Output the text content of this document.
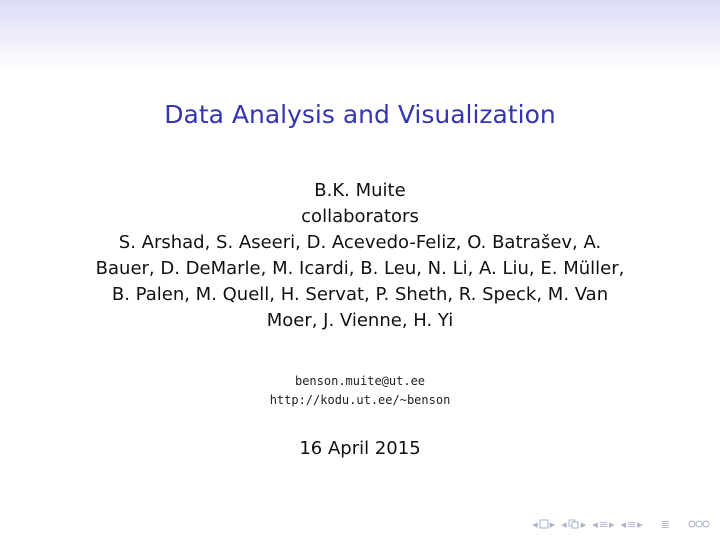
Data Analysis and Visualization
B.K. Muite
collaborators
S. Arshad, S. Aseeri, D. Acevedo-Feliz, O. Batrašev, A.
Bauer, D. DeMarle, M. Icardi, B. Leu, N. Li, A. Liu, E. Müller,
B. Palen, M. Quell, H. Servat, P. Sheth, R. Speck, M. Van
Moer, J. Vienne, H. Yi
benson.muite@ut.ee
http://kodu.ut.ee/~benson
16 April 2015
◂ ▸ ◂ ▸ ◂ ≡ ▸ ◂ ≡ ▸ ≣
